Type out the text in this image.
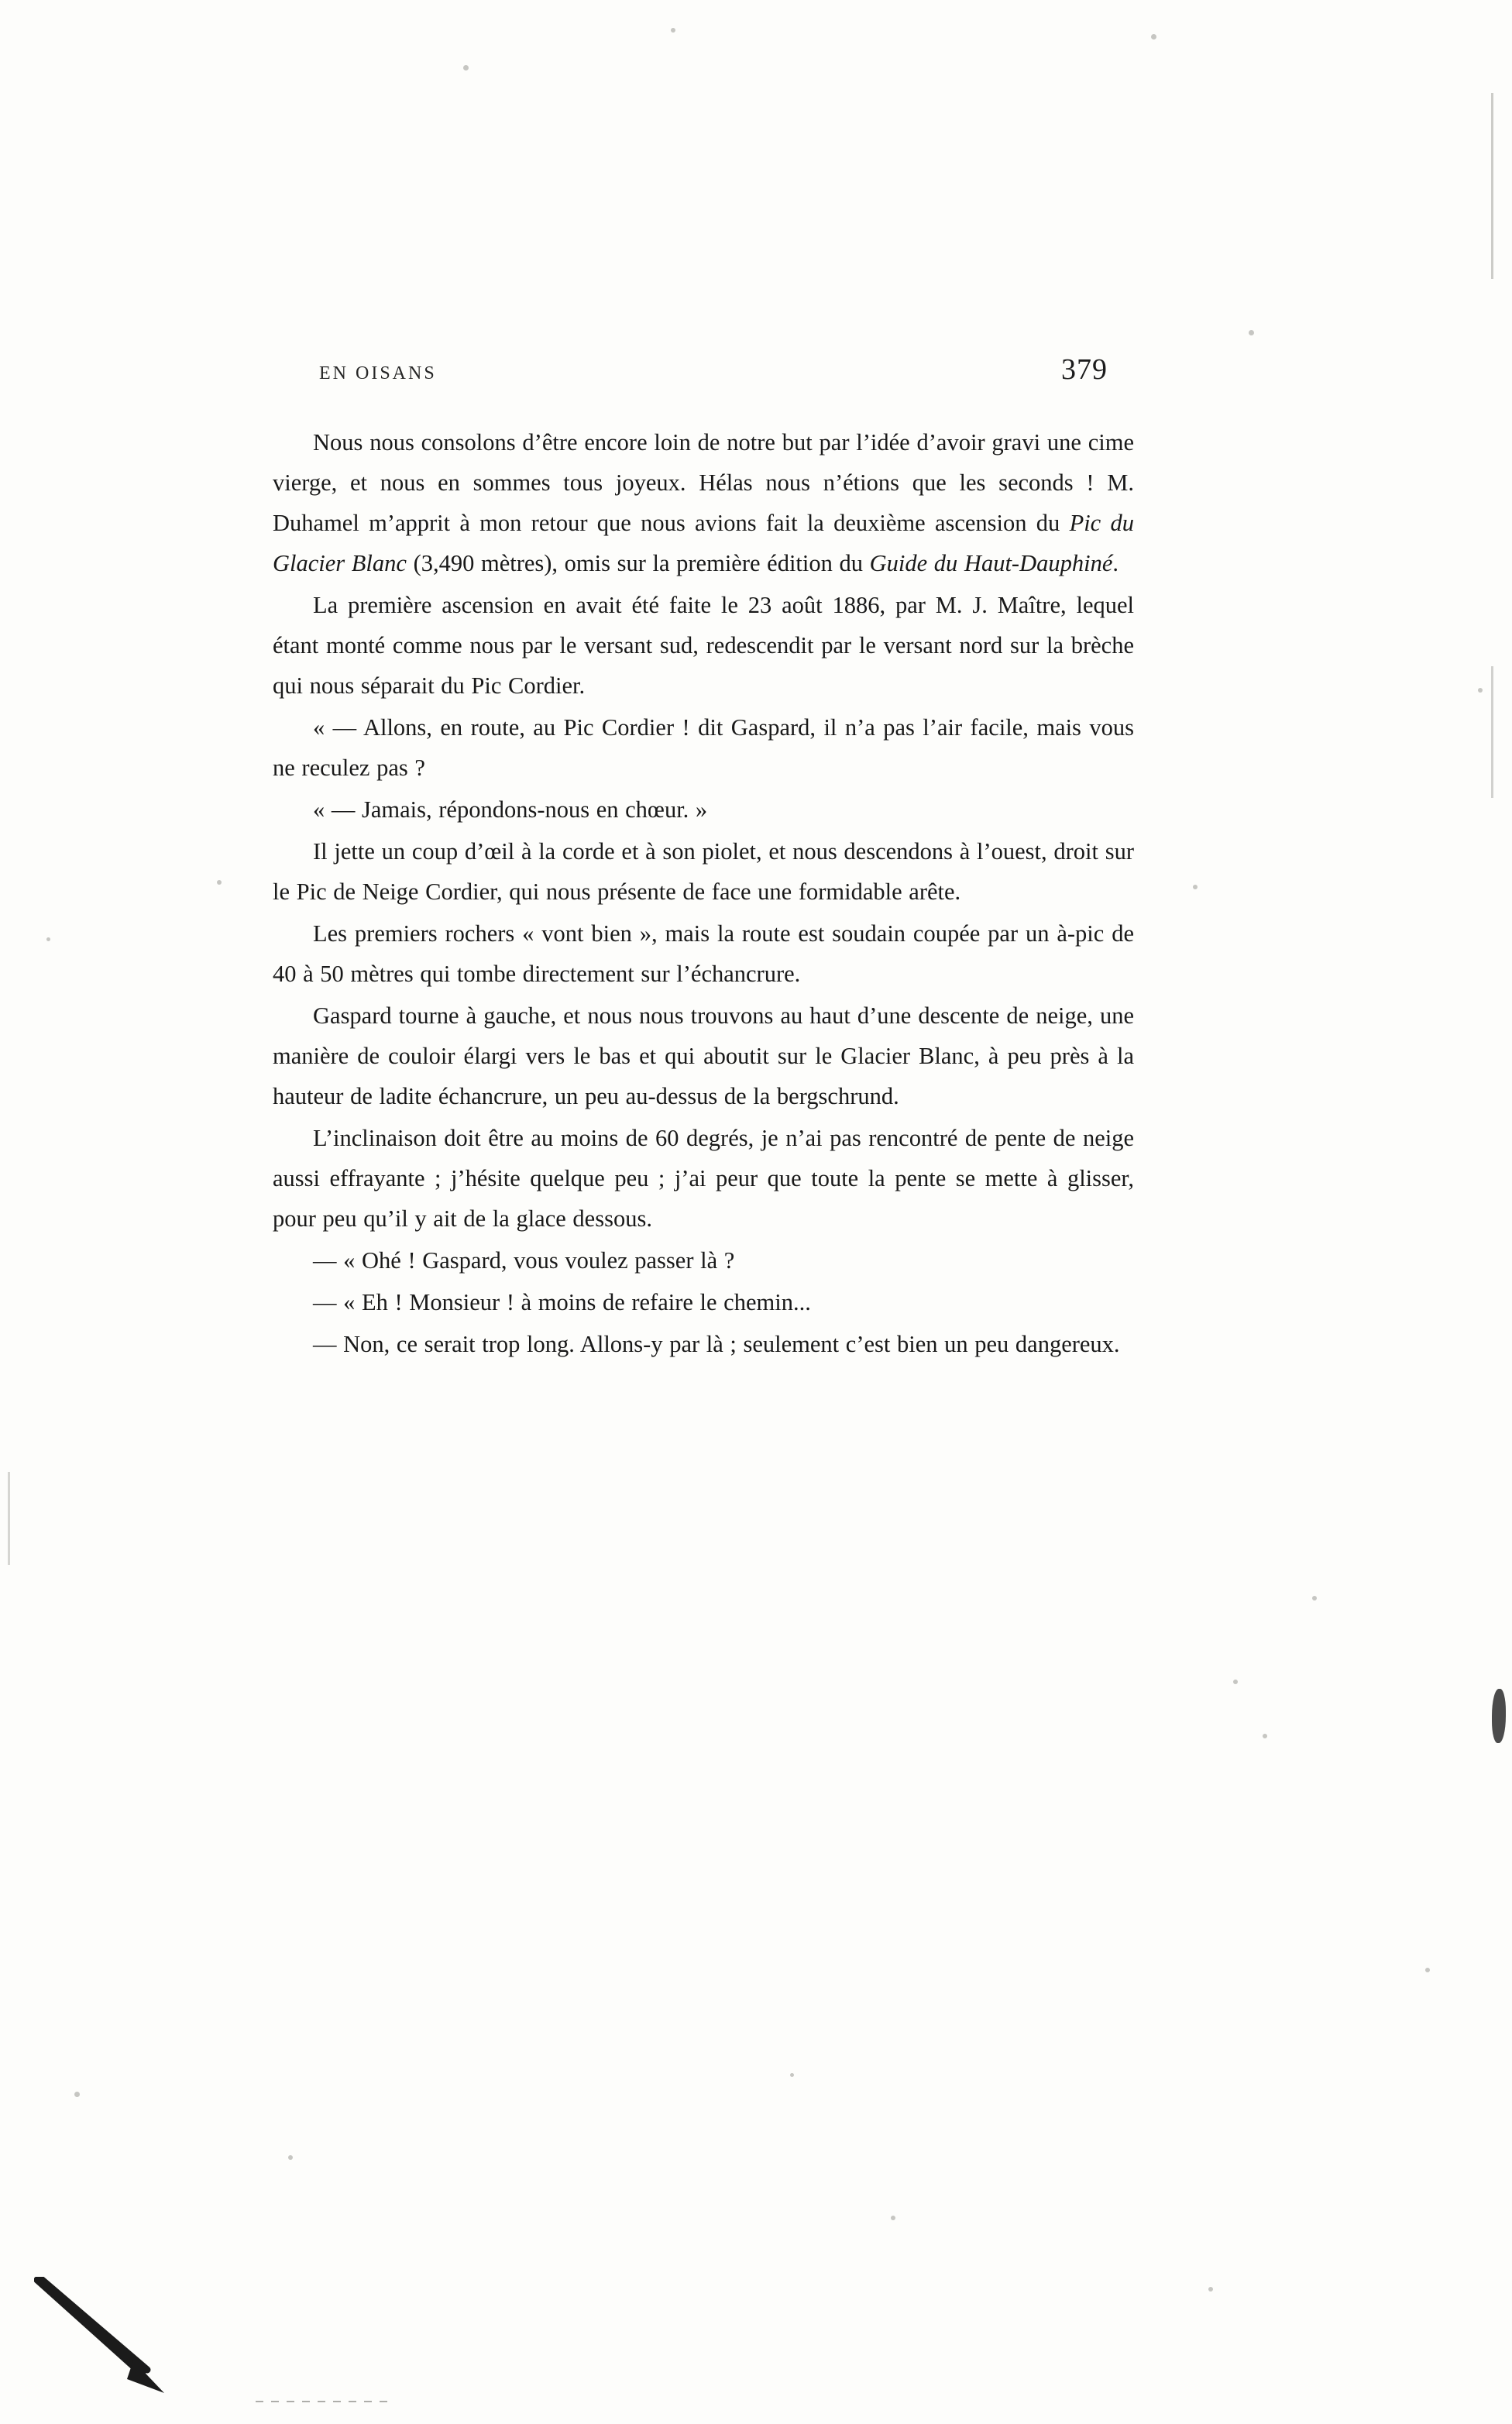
EN OISANS	379

Nous nous consolons d’être encore loin de notre but par l’idée d’avoir gravi une cime vierge, et nous en sommes tous joyeux. Hélas nous n’étions que les seconds ! M. Duhamel m’apprit à mon retour que nous avions fait la deuxième ascension du Pic du Glacier Blanc (3,490 mètres), omis sur la première édition du Guide du Haut-Dauphiné.

La première ascension en avait été faite le 23 août 1886, par M. J. Maître, lequel étant monté comme nous par le versant sud, redescendit par le versant nord sur la brèche qui nous séparait du Pic Cordier.

« — Allons, en route, au Pic Cordier ! dit Gaspard, il n’a pas l’air facile, mais vous ne reculez pas ?

« — Jamais, répondons-nous en chœur. »

Il jette un coup d’œil à la corde et à son piolet, et nous descendons à l’ouest, droit sur le Pic de Neige Cordier, qui nous présente de face une formidable arête.

Les premiers rochers « vont bien », mais la route est soudain coupée par un à-pic de 40 à 50 mètres qui tombe directement sur l’échancrure.

Gaspard tourne à gauche, et nous nous trouvons au haut d’une descente de neige, une manière de couloir élargi vers le bas et qui aboutit sur le Glacier Blanc, à peu près à la hauteur de ladite échancrure, un peu au-dessus de la bergschrund.

L’inclinaison doit être au moins de 60 degrés, je n’ai pas rencontré de pente de neige aussi effrayante ; j’hésite quelque peu ; j’ai peur que toute la pente se mette à glisser, pour peu qu’il y ait de la glace dessous.

— « Ohé ! Gaspard, vous voulez passer là ?

— « Eh ! Monsieur ! à moins de refaire le chemin...

— Non, ce serait trop long. Allons-y par là ; seulement c’est bien un peu dangereux.
